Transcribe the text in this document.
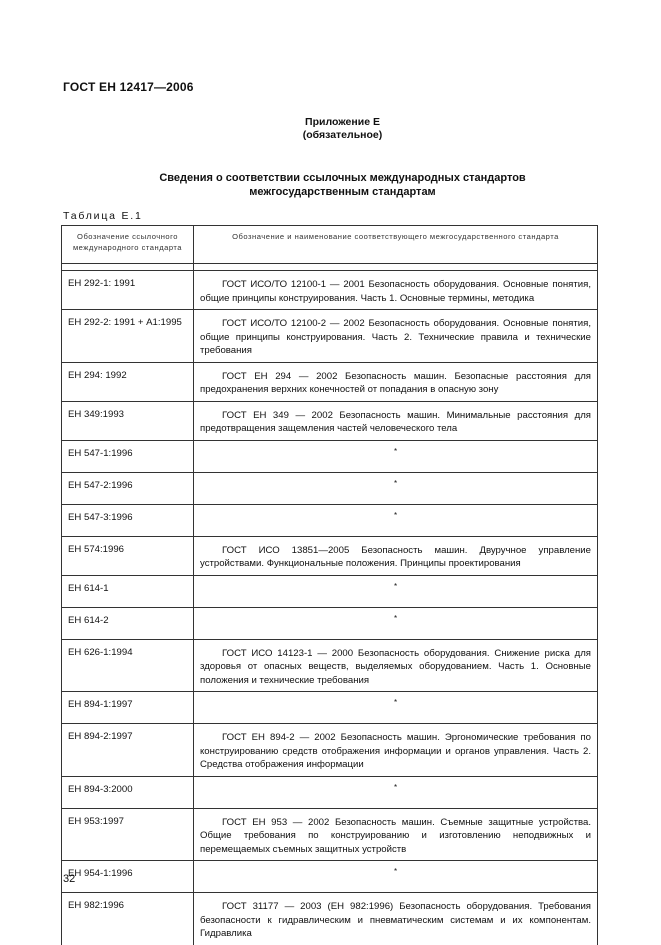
ГОСТ ЕН 12417—2006
Приложение Е
(обязательное)
Сведения о соответствии ссылочных международных стандартов
межгосударственным стандартам
Таблица Е.1
Обозначение ссылочного международного стандарта	Обозначение и наименование соответствующего межгосударственного стандарта

ЕН 292-1: 1991	ГОСТ ИСО/ТО 12100-1 — 2001 Безопасность оборудования. Основные понятия, общие принципы конструирования. Часть 1. Основные термины, методика
ЕН 292-2: 1991 + А1:1995	ГОСТ ИСО/ТО 12100-2 — 2002 Безопасность оборудования. Основные понятия, общие принципы конструирования. Часть 2. Технические правила и технические требования
ЕН 294: 1992	ГОСТ ЕН 294 — 2002 Безопасность машин. Безопасные расстояния для предохранения верхних конечностей от попадания в опасную зону
ЕН 349:1993	ГОСТ ЕН 349 — 2002 Безопасность машин. Минимальные расстояния для предотвращения защемления частей человеческого тела
ЕН 547-1:1996	*
ЕН 547-2:1996	*
ЕН 547-3:1996	*
ЕН 574:1996	ГОСТ ИСО 13851—2005 Безопасность машин. Двуручное управление устройствами. Функциональные положения. Принципы проектирования
ЕН 614-1	*
ЕН 614-2	*
ЕН 626-1:1994	ГОСТ ИСО 14123-1 — 2000 Безопасность оборудования. Снижение риска для здоровья от опасных веществ, выделяемых оборудованием. Часть 1. Основные положения и технические требования
ЕН 894-1:1997	*
ЕН 894-2:1997	ГОСТ ЕН 894-2 — 2002 Безопасность машин. Эргономические требования по конструированию средств отображения информации и органов управления. Часть 2. Средства отображения информации
ЕН 894-3:2000	*
ЕН 953:1997	ГОСТ ЕН 953 — 2002 Безопасность машин. Съемные защитные устройства. Общие требования по конструированию и изготовлению неподвижных и перемещаемых съемных защитных устройств
ЕН 954-1:1996	*
ЕН 982:1996	ГОСТ 31177 — 2003 (ЕН 982:1996) Безопасность оборудования. Требования безопасности к гидравлическим и пневматическим системам и их компонентам. Гидравлика
32
